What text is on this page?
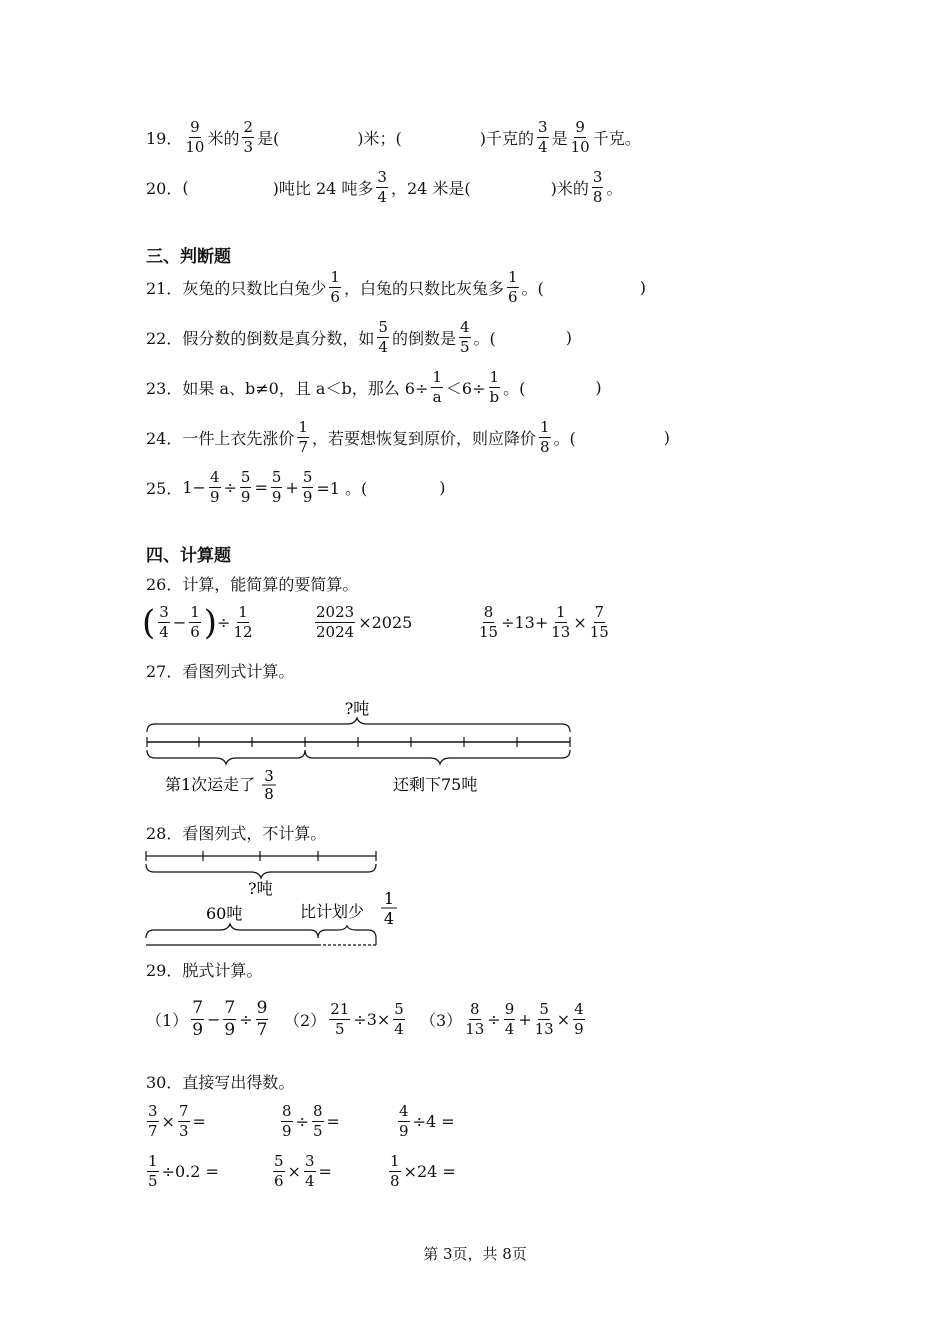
19． $\frac{9}{10}$ 米的 $\frac{2}{3}$ 是(	)米；(	)千克的 $\frac{3}{4}$ 是 $\frac{9}{10}$ 千克。
20． (	)吨比 24 吨多 $\frac{3}{4}$ ，24 米是(	)米的 $\frac{3}{8}$ 。
三、判断题
21． 灰兔的只数比白兔少 $\frac{1}{6}$ ，白兔的只数比灰兔多 $\frac{1}{6}$ 。(	)
22． 假分数的倒数是真分数，如 $\frac{5}{4}$ 的倒数是 $\frac{4}{5}$ 。(	)
23． 如果 a、b≠0，且 a＜b，那么 $6\div \frac{1}{a} <6\div \frac{1}{b}$ 。(	)
24． 一件上衣先涨价 $\frac{1}{7}$ ，若要想恢复到原价，则应降价 $\frac{1}{8}$ 。(	)
25． $1- \frac{4}{9} \div \frac{5}{9} = \frac{5}{9} + \frac{5}{9} =1$ 。(	)
四、计算题
26． 计算，能简算的要简算。
( $\frac{3}{4} - \frac{1}{6}$ ) ÷ $\frac{1}{12}$	$\frac{2023}{2024} \times 2025$	$\frac{8}{15} \div 13+ \frac{1}{13} \times \frac{7}{15}$
27． 看图列式计算。
?吨
第1次运走了 3
8	还剩下75吨
28． 看图列式，不计算。
?吨
60吨	比计划少
1
4
29． 脱式计算。
$(1) \frac{7}{9} - \frac{7}{9} \div \frac{9}{7} (2) \frac{21}{5} \div 3\times \frac{5}{4} (3) \frac{8}{13} \div \frac{9}{4} + \frac{5}{13} \times \frac{4}{9}$
30． 直接写出得数。
$\frac{3}{7} \times \frac{7}{3}$ =	$\frac{8}{9} \div \frac{8}{5}$ =	$\frac{4}{9} \div 4$ =
$\frac{1}{5} \div 0.2$ =	$\frac{5}{6} \times \frac{3}{4}$ =	$\frac{1}{8} \times 24$ =
第 3页，共 8页
